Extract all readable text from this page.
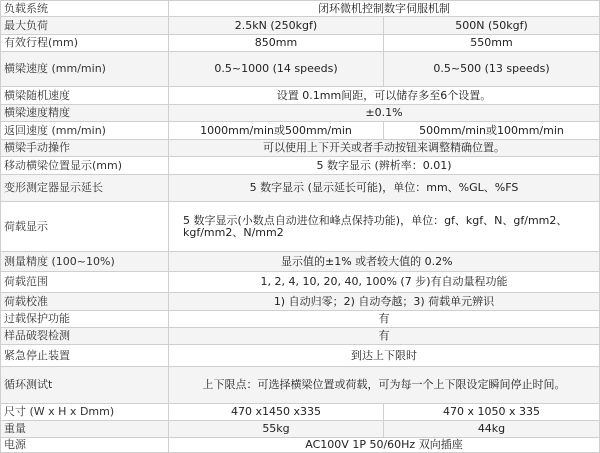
负载系统	闭环微机控制数字伺服机制	
最大负荷	2.5kN (250kgf)	500N (50kgf)
有效行程(mm)	850mm	550mm
横梁速度 (mm/min)	0.5~1000 (14 speeds)	0.5~500 (13 speeds)
横梁随机速度	设置 0.1mm间距，可以储存多至6个设置。	
横梁速度精度	±0.1%	
返回速度 (mm/min)	1000mm/min或500mm/min	500mm/min或100mm/min
横梁手动操作	可以使用上下开关或者手动按钮来调整精确位置。	
移动横梁位置显示(mm)	5 数字显示 (辨析率：0.01)	
变形测定器显示延长	5 数字显示 (显示延长可能)，单位：mm、%GL、%FS	
荷载显示	5 数字显示(小数点自动进位和峰点保持功能)，单位：gf、kgf、N、gf/mm2、kgf/mm2、N/mm2	
测量精度 (100~10%)	显示值的±1% 或者较大值的 0.2%	
荷载范围	1, 2, 4, 10, 20, 40, 100% (7 步)有自动量程功能	
荷载校准	1) 自动归零；2) 自动夸越；3) 荷载单元辨识	
过载保护功能	有	
样品破裂检测	有	
紧急停止装置	到达上下限时	
循环测试t	上下限点：可选择横梁位置或荷载，可为每一个上下限设定瞬间停止时间。	
尺寸 (W x H x Dmm)	470 x1450 x335	470 x 1050 x 335
重量	55kg	44kg
电源	AC100V 1P 50/60Hz 双向插座	
